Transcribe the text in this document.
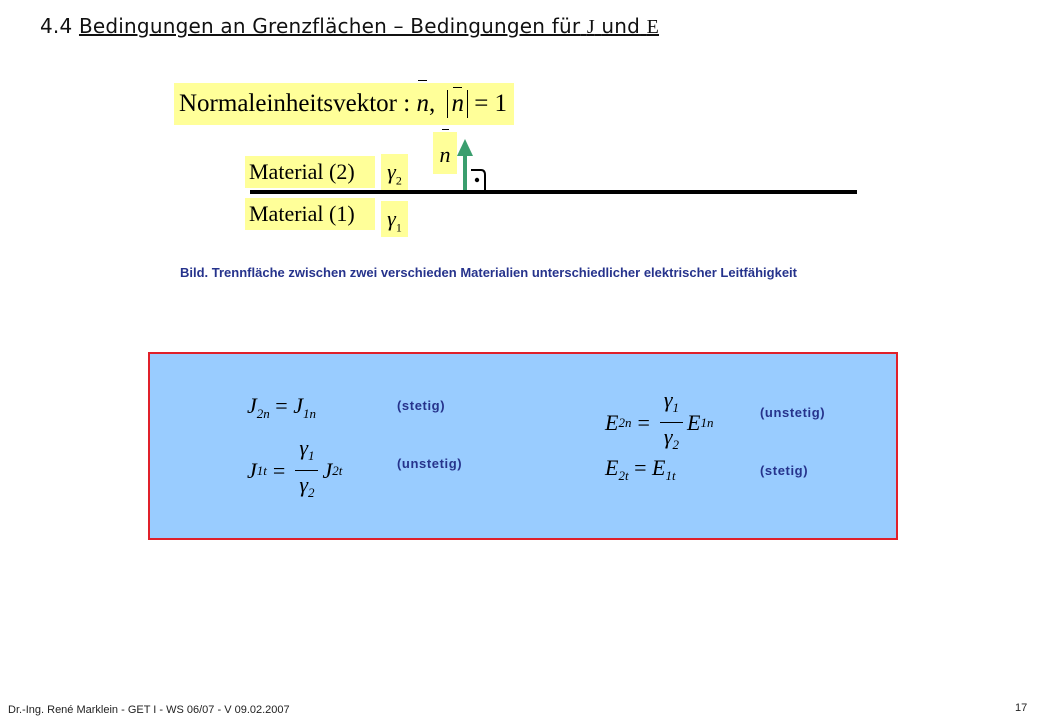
4.4 Bedingungen an Grenzflächen – Bedingungen für J und E
Normaleinheitsvektor : n, n = 1
n
Material (2)
Material (1)
$\gamma_2$
$\gamma_1$
Bild. Trennfläche zwischen zwei verschieden Materialien unterschiedlicher elektrischer Leitfähigkeit
$J_{2n} = J_{1n}$
(stetig)
J $1t = \frac{\gamma_1}{\gamma_2}$ J 2t	(unstetig)
E $2n = \frac{\gamma_1}{\gamma_2}$ E 1n
(unstetig)
$E_{2t} = E_{1t}$	(stetig)
Dr.-Ing. René Marklein - GET I - WS 06/07 - V 09.02.2007	17
